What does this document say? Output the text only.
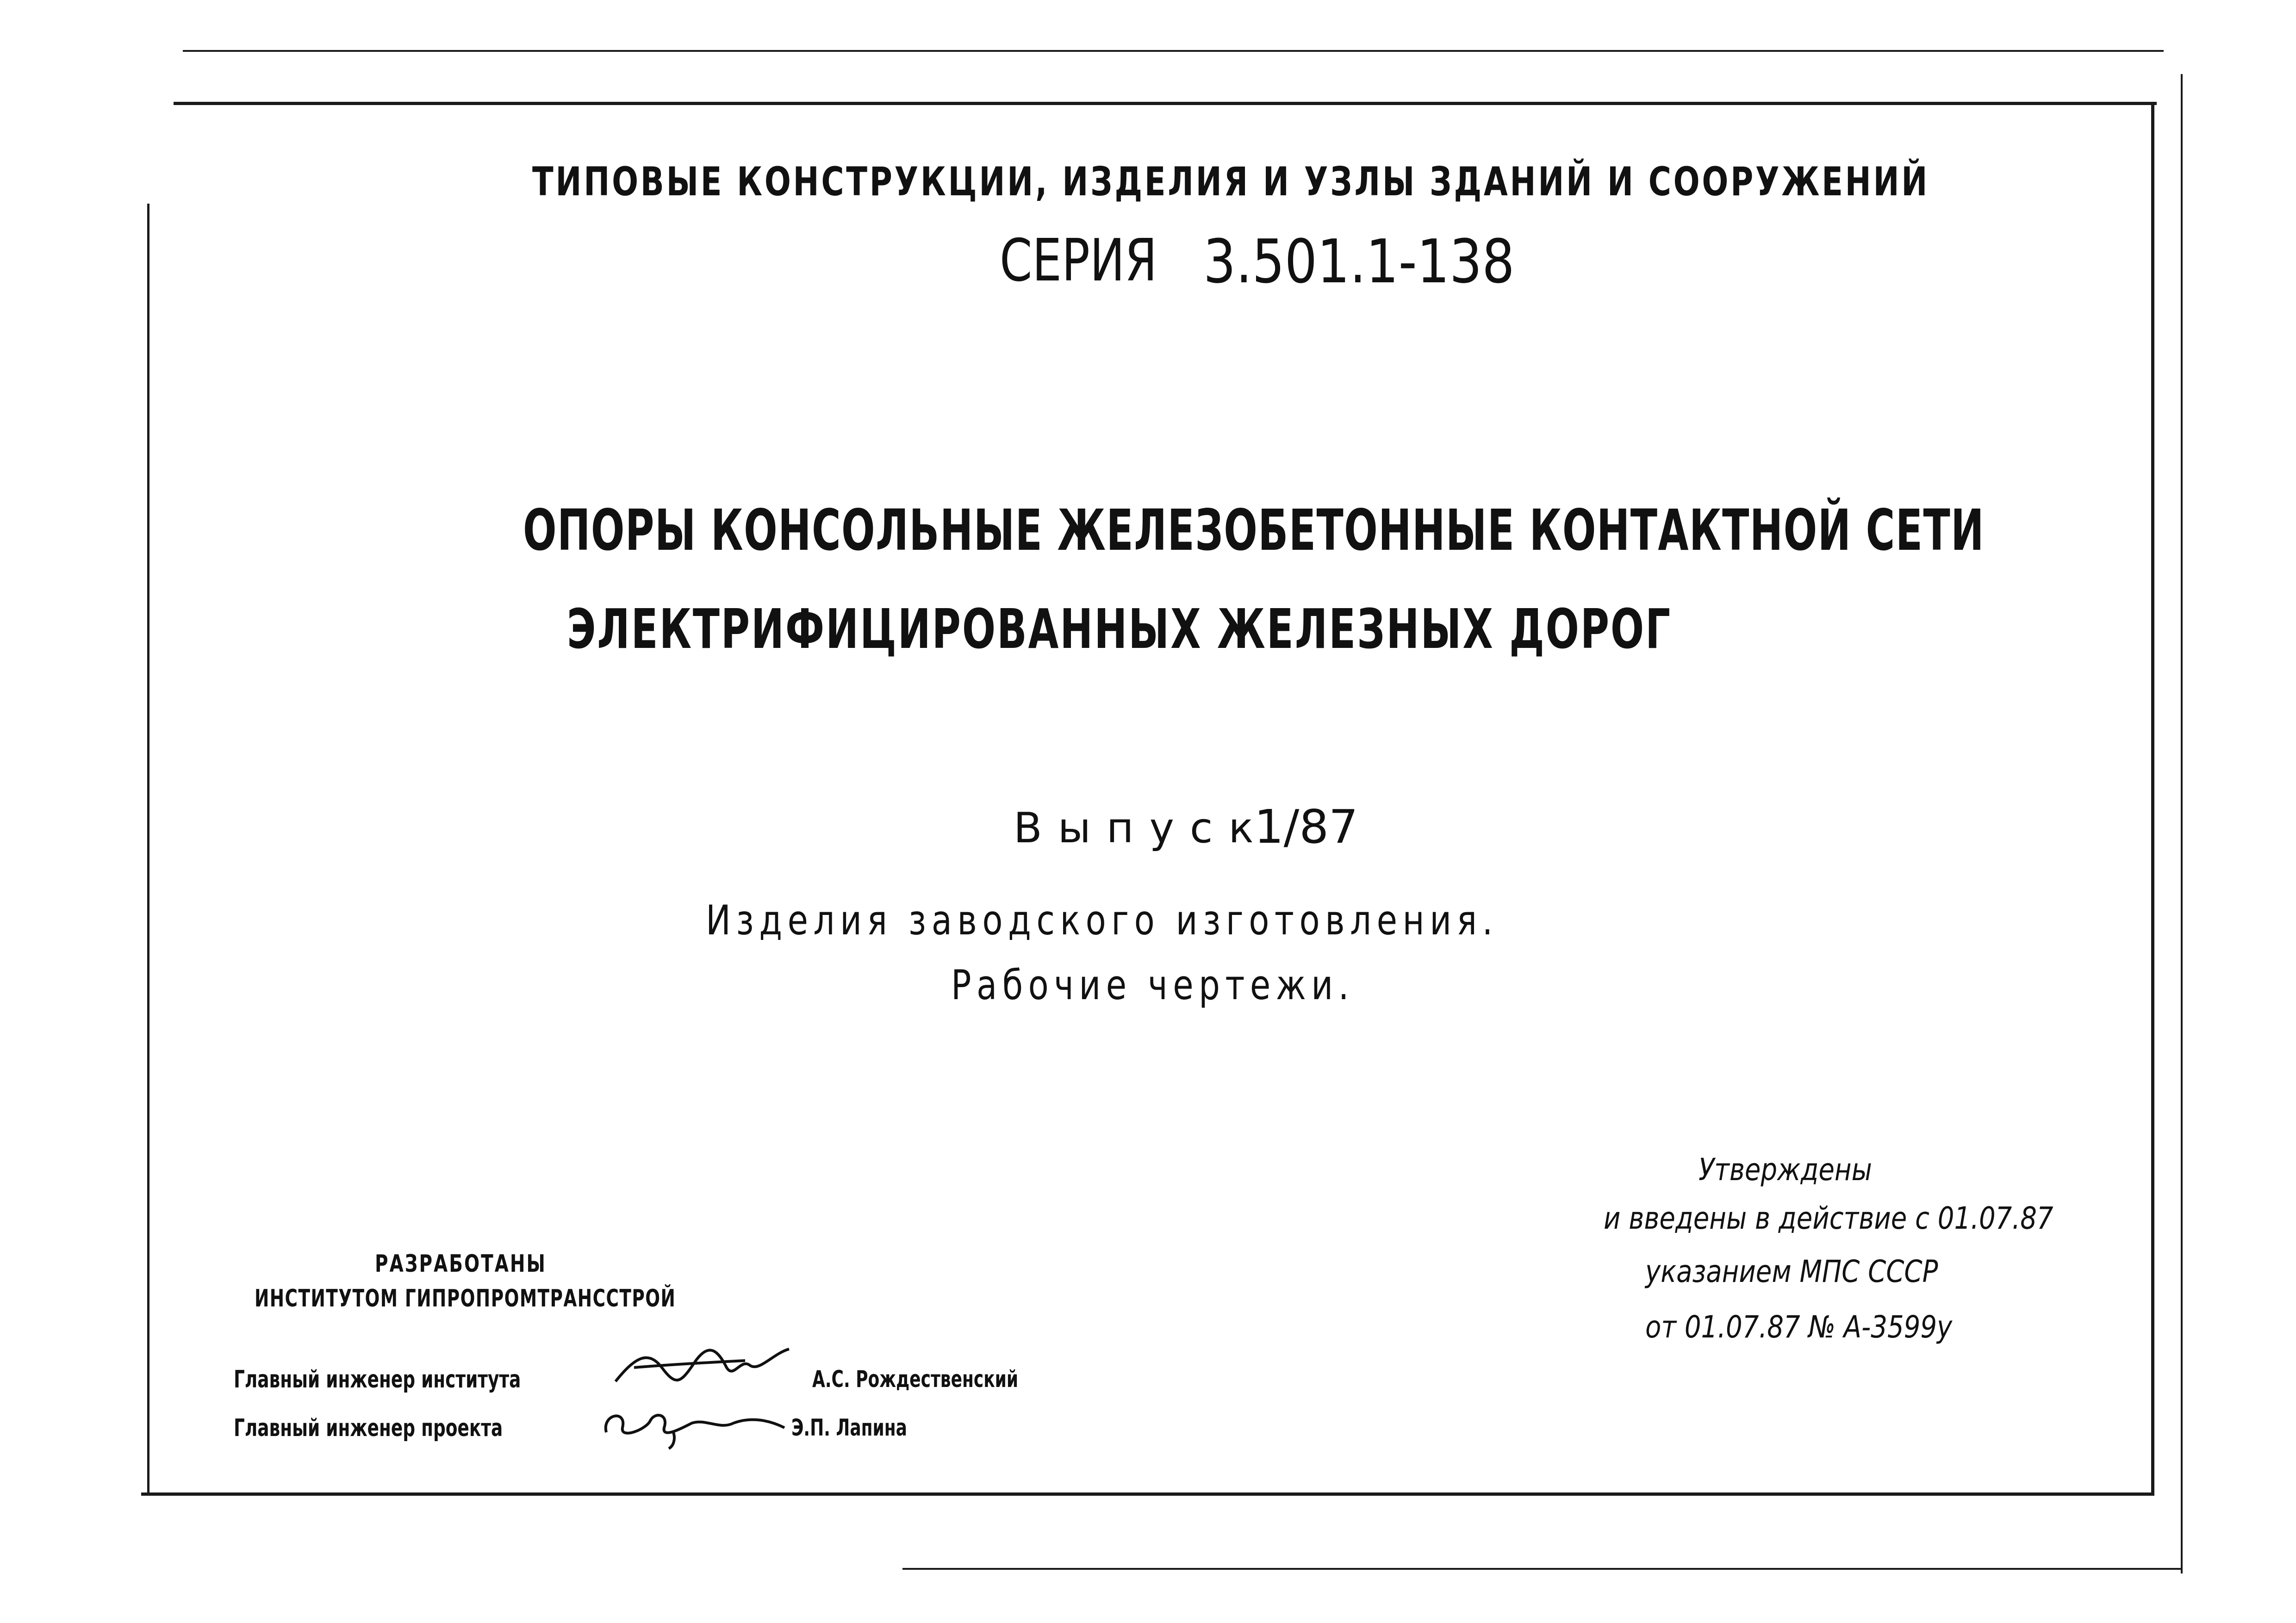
ТИПОВЫЕ КОНСТРУКЦИИ, ИЗДЕЛИЯ И УЗЛЫ ЗДАНИЙ И СООРУЖЕНИЙ

СЕРИЯ 3.501.1-138

ОПОРЫ КОНСОЛЬНЫЕ ЖЕЛЕЗОБЕТОННЫЕ КОНТАКТНОЙ СЕТИ

ЭЛЕКТРИФИЦИРОВАННЫХ ЖЕЛЕЗНЫХ ДОРОГ

Выпуск
1/87

Изделия заводского изготовления.

Рабочие чертежи.

Утверждены

и введены в действие с 01.07.87

указанием МПС СССР

от 01.07.87 № А-3599у

РАЗРАБОТАНЫ

ИНСТИТУТОМ ГИПРОПРОМТРАНССТРОЙ

Главный инженер института	А.С. Рождественский

Главный инженер проекта	Э.П. Лапина
